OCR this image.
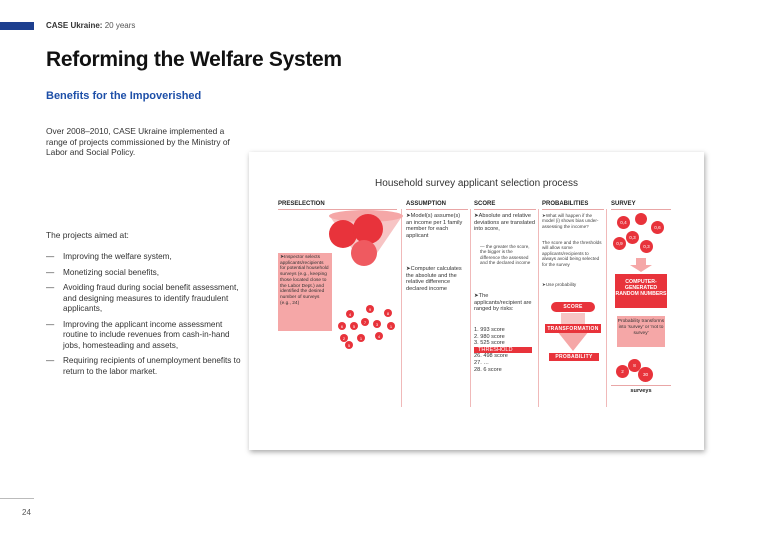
CASE Ukraine: 20 years
Reforming the Welfare System
Benefits for the Impoverished
Over 2008–2010, CASE Ukraine implemented a range of projects commissioned by the Ministry of Labor and Social Policy.
The projects aimed at:
— Improving the welfare system,
— Monetizing social benefits,
— Avoiding fraud during social benefit assessment, and designing measures to identify fraudulent applicants,
— Improving the applicant income assessment routine to include revenues from cash-in-hand jobs, homesteading and assets,
— Requiring recipients of unemployment benefits to return to the labor market.
24
Household survey applicant selection process
PRESELECTION	ASSUMPTION	SCORE	PROBABILITIES	SURVEY
➤Inspector selects applicants/recipients for potential household surveys (e.g., keeping those located close to the Labor Dept.) and identified the desired number of surveys (e.g., 24)
4
9
8
6	5
7	3	1
2	1	4
5
➤Model(s) assume(s) an income per 1 family member for each applicant
➤Computer calculates the absolute and the relative difference declared income
➤Absolute and relative deviations are translated into score,
— the greater the score, the bigger is the difference the assessed and the declared income
➤The applicants/recipient are ranged by risks:
1. 993 score
2. 980 score
3. 525 score
THRESHOLD
26. 498 score
27. …
28. 6 score
➤What will happen if the model (i) shows bias under-assessing the income?
The score and the thresholds will allow some applicants/recipients to always avoid being selected for the survey
➤Use probability
SCORE
TRANSFORMATION
PROBABILITY
0,4
0,6
0,3
0,9
0,3
COMPUTER-GENERATED RANDOM NUMBERS
Probability transforms into 'survey' or 'not to survey'
2
8
30
surveys
